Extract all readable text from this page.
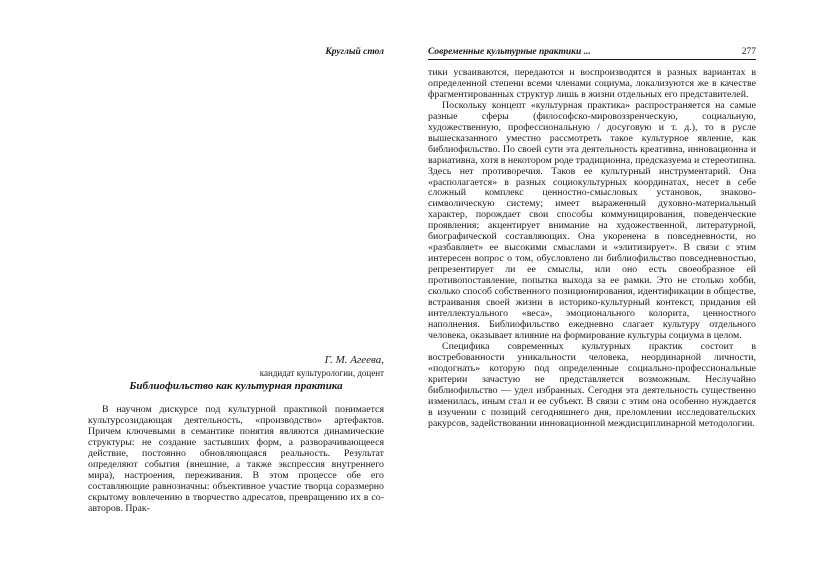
Круглый стол
Г. М. Агеева,
кандидат культурологии, доцент
Библиофильство как культурная практика

В научном дискурсе под культурной практикой понимается культурсозидающая деятельность, «производство» артефактов. Причем ключевыми в семантике понятия являются динамические структуры: не создание застывших форм, а разворачивающееся действие, постоянно обновляющаяся реальность. Результат определяют события (внешние, а также экспрессия внутреннего мира), настроения, переживания. В этом процессе обе его составляющие равнозначны: объективное участие творца соразмерно скрытому вовлечению в творчество адресатов, превращению их в со-авторов. Прак-

Современные культурные практики ...	277

тики усваиваются, передаются и воспроизводятся в разных вариантах в определенной степени всеми членами социума, локализуются же в качестве фрагментированных структур лишь в жизни отдельных его представителей.

Поскольку концепт «культурная практика» распространяется на самые разные сферы (философско-мировоззренческую, социальную, художественную, профессиональную / досуговую и т. д.), то в русле вышесказанного уместно рассмотреть такое культурное явление, как библиофильство. По своей сути эта деятельность креативна, инновационна и вариативна, хотя в некотором роде традиционна, предсказуема и стереотипна. Здесь нет противоречия. Таков ее культурный инструментарий. Она «располагается» в разных социокультурных координатах, несет в себе сложный комплекс ценностно-смысловых установок, знаково-символическую систему; имеет выраженный духовно-материальный характер, порождает свои способы коммуницирования, поведенческие проявления; акцентирует внимание на художественной, литературной, биографической составляющих. Она укоренена в повседневности, но «разбавляет» ее высокими смыслами и «элитизирует». В связи с этим интересен вопрос о том, обусловлено ли библиофильство повседневностью, репрезентирует ли ее смыслы, или оно есть своеобразное ей противопоставление, попытка выхода за ее рамки. Это не столько хобби, сколько способ собственного позиционирования, идентификации в обществе, встраивания своей жизни в историко-культурный контекст, придания ей интеллектуального «веса», эмоционального колорита, ценностного наполнения. Библиофильство ежедневно слагает культуру отдельного человека, оказывает влияние на формирование культуры социума в целом.

Специфика современных культурных практик состоит в востребованности уникальности человека, неординарной личности, «подогнать» которую под определенные социально-профессиональные критерии зачастую не представляется возможным. Неслучайно библиофильство — удел избранных. Сегодня эта деятельность существенно изменилась, иным стал и ее субъект. В связи с этим она особенно нуждается в изучении с позиций сегодняшнего дня, преломлении исследовательских ракурсов, задействовании инновационной междисциплинарной методологии.
